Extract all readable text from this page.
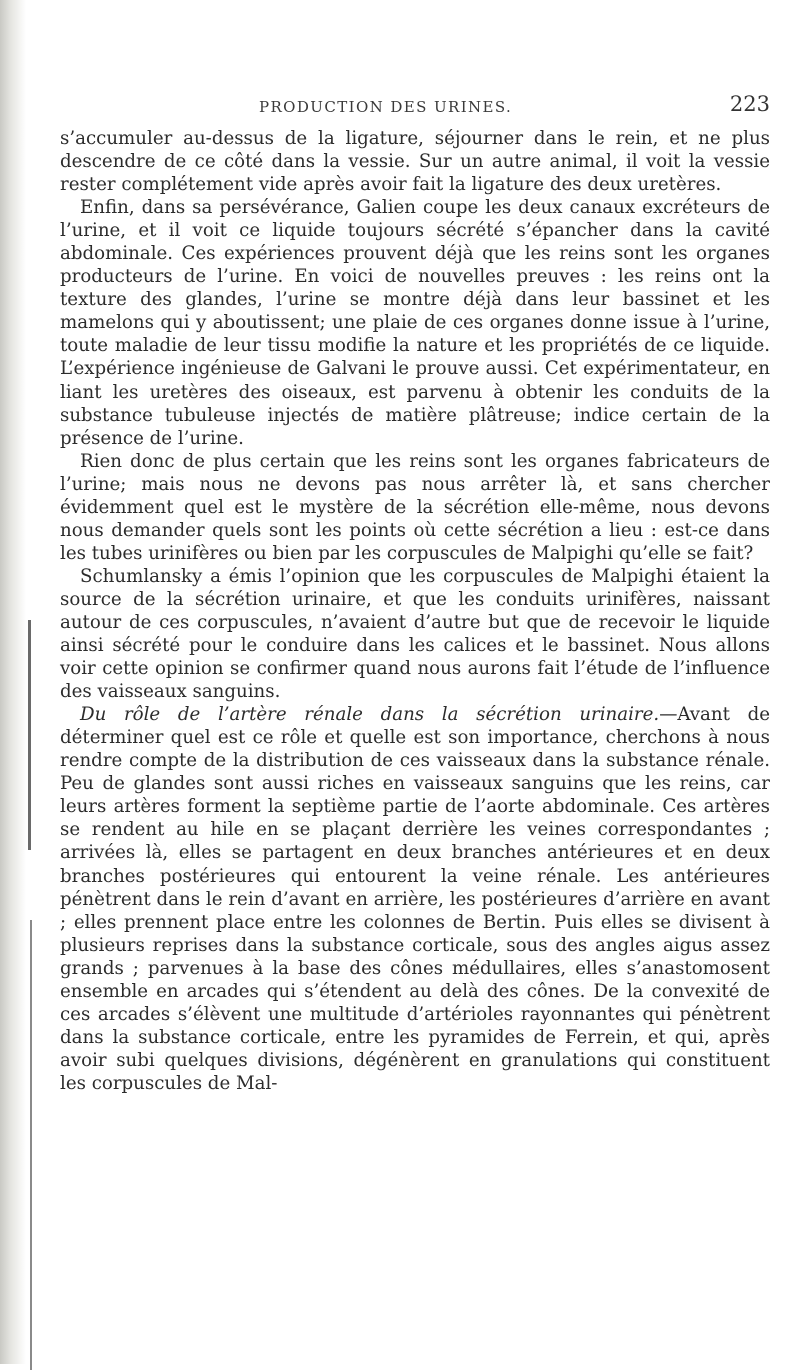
PRODUCTION DES URINES.	223

s’accumuler au-dessus de la ligature, séjourner dans le rein, et ne plus descendre de ce côté dans la vessie. Sur un autre animal, il voit la vessie rester complétement vide après avoir fait la ligature des deux uretères.

Enfin, dans sa persévérance, Galien coupe les deux canaux excréteurs de l’urine, et il voit ce liquide toujours sécrété s’épancher dans la cavité abdominale. Ces expériences prouvent déjà que les reins sont les organes producteurs de l’urine. En voici de nouvelles preuves : les reins ont la texture des glandes, l’urine se montre déjà dans leur bassinet et les mamelons qui y aboutissent; une plaie de ces organes donne issue à l’urine, toute maladie de leur tissu modifie la nature et les propriétés de ce liquide. L’expérience ingénieuse de Galvani le prouve aussi. Cet expérimentateur, en liant les uretères des oiseaux, est parvenu à obtenir les conduits de la substance tubuleuse injectés de matière plâtreuse; indice certain de la présence de l’urine.

Rien donc de plus certain que les reins sont les organes fabricateurs de l’urine; mais nous ne devons pas nous arrêter là, et sans chercher évidemment quel est le mystère de la sécrétion elle-même, nous devons nous demander quels sont les points où cette sécrétion a lieu : est-ce dans les tubes urinifères ou bien par les corpuscules de Malpighi qu’elle se fait?

Schumlansky a émis l’opinion que les corpuscules de Malpighi étaient la source de la sécrétion urinaire, et que les conduits urinifères, naissant autour de ces corpuscules, n’avaient d’autre but que de recevoir le liquide ainsi sécrété pour le conduire dans les calices et le bassinet. Nous allons voir cette opinion se confirmer quand nous aurons fait l’étude de l’influence des vaisseaux sanguins.

Du rôle de l’artère rénale dans la sécrétion urinaire.—Avant de déterminer quel est ce rôle et quelle est son importance, cherchons à nous rendre compte de la distribution de ces vaisseaux dans la substance rénale. Peu de glandes sont aussi riches en vaisseaux sanguins que les reins, car leurs artères forment la septième partie de l’aorte abdominale. Ces artères se rendent au hile en se plaçant derrière les veines correspondantes ; arrivées là, elles se partagent en deux branches antérieures et en deux branches postérieures qui entourent la veine rénale. Les antérieures pénètrent dans le rein d’avant en arrière, les postérieures d’arrière en avant ; elles prennent place entre les colonnes de Bertin. Puis elles se divisent à plusieurs reprises dans la substance corticale, sous des angles aigus assez grands ; parvenues à la base des cônes médullaires, elles s’anastomosent ensemble en arcades qui s’étendent au delà des cônes. De la convexité de ces arcades s’élèvent une multitude d’artérioles rayonnantes qui pénètrent dans la substance corticale, entre les pyramides de Ferrein, et qui, après avoir subi quelques divisions, dégénèrent en granulations qui constituent les corpuscules de Mal-
